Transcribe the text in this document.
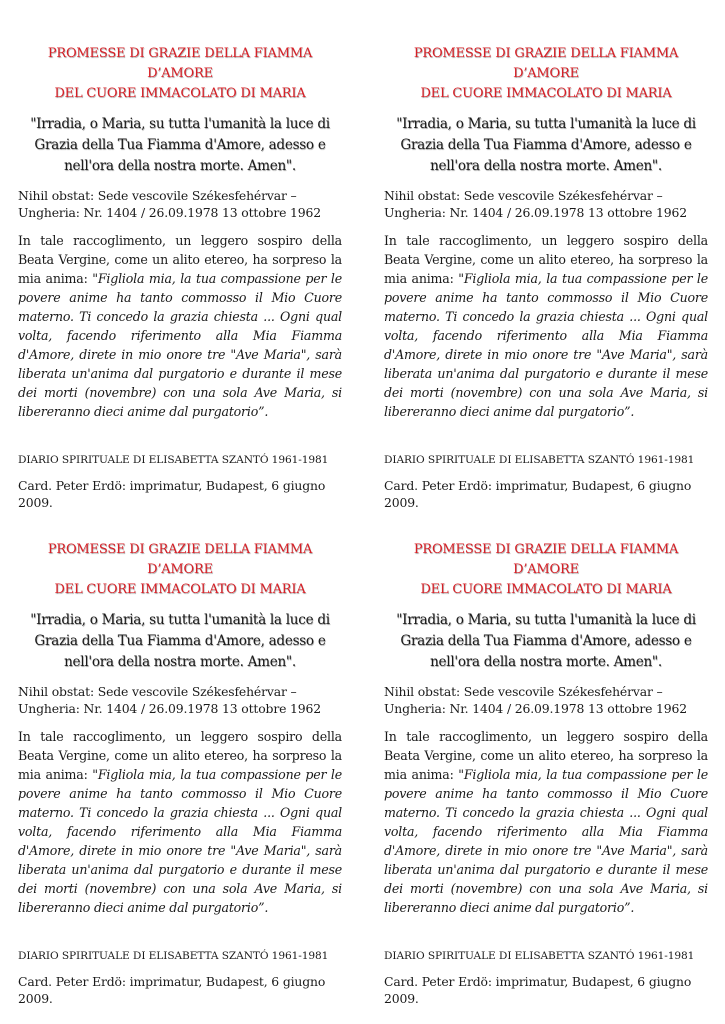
PROMESSE DI GRAZIE DELLA FIAMMA D’AMORE
DEL CUORE IMMACOLATO DI MARIA

"Irradia, o Maria, su tutta l'umanità la luce di Grazia della Tua Fiamma d'Amore, adesso e nell'ora della nostra morte. Amen".

Nihil obstat: Sede vescovile Székesfehérvar – Ungheria: Nr. 1404 / 26.09.1978 13 ottobre 1962

In tale raccoglimento, un leggero sospiro della Beata Vergine, come un alito etereo, ha sorpreso la mia anima: "Figliola mia, la tua compassione per le povere anime ha tanto commosso il Mio Cuore materno. Ti concedo la grazia chiesta ... Ogni qual volta, facendo riferimento alla Mia Fiamma d'Amore, direte in mio onore tre "Ave Maria", sarà liberata un'anima dal purgatorio e durante il mese dei morti (novembre) con una sola Ave Maria, si libereranno dieci anime dal purgatorio”.

DIARIO SPIRITUALE DI ELISABETTA SZANTÓ 1961-1981

Card. Peter Erdö: imprimatur, Budapest, 6 giugno 2009.

PROMESSE DI GRAZIE DELLA FIAMMA D’AMORE
DEL CUORE IMMACOLATO DI MARIA

"Irradia, o Maria, su tutta l'umanità la luce di Grazia della Tua Fiamma d'Amore, adesso e nell'ora della nostra morte. Amen".

Nihil obstat: Sede vescovile Székesfehérvar – Ungheria: Nr. 1404 / 26.09.1978 13 ottobre 1962

In tale raccoglimento, un leggero sospiro della Beata Vergine, come un alito etereo, ha sorpreso la mia anima: "Figliola mia, la tua compassione per le povere anime ha tanto commosso il Mio Cuore materno. Ti concedo la grazia chiesta ... Ogni qual volta, facendo riferimento alla Mia Fiamma d'Amore, direte in mio onore tre "Ave Maria", sarà liberata un'anima dal purgatorio e durante il mese dei morti (novembre) con una sola Ave Maria, si libereranno dieci anime dal purgatorio”.

DIARIO SPIRITUALE DI ELISABETTA SZANTÓ 1961-1981

Card. Peter Erdö: imprimatur, Budapest, 6 giugno 2009.

PROMESSE DI GRAZIE DELLA FIAMMA D’AMORE
DEL CUORE IMMACOLATO DI MARIA

"Irradia, o Maria, su tutta l'umanità la luce di Grazia della Tua Fiamma d'Amore, adesso e nell'ora della nostra morte. Amen".

Nihil obstat: Sede vescovile Székesfehérvar – Ungheria: Nr. 1404 / 26.09.1978 13 ottobre 1962

In tale raccoglimento, un leggero sospiro della Beata Vergine, come un alito etereo, ha sorpreso la mia anima: "Figliola mia, la tua compassione per le povere anime ha tanto commosso il Mio Cuore materno. Ti concedo la grazia chiesta ... Ogni qual volta, facendo riferimento alla Mia Fiamma d'Amore, direte in mio onore tre "Ave Maria", sarà liberata un'anima dal purgatorio e durante il mese dei morti (novembre) con una sola Ave Maria, si libereranno dieci anime dal purgatorio”.

DIARIO SPIRITUALE DI ELISABETTA SZANTÓ 1961-1981

Card. Peter Erdö: imprimatur, Budapest, 6 giugno 2009.

PROMESSE DI GRAZIE DELLA FIAMMA D’AMORE
DEL CUORE IMMACOLATO DI MARIA

"Irradia, o Maria, su tutta l'umanità la luce di Grazia della Tua Fiamma d'Amore, adesso e nell'ora della nostra morte. Amen".

Nihil obstat: Sede vescovile Székesfehérvar – Ungheria: Nr. 1404 / 26.09.1978 13 ottobre 1962

In tale raccoglimento, un leggero sospiro della Beata Vergine, come un alito etereo, ha sorpreso la mia anima: "Figliola mia, la tua compassione per le povere anime ha tanto commosso il Mio Cuore materno. Ti concedo la grazia chiesta ... Ogni qual volta, facendo riferimento alla Mia Fiamma d'Amore, direte in mio onore tre "Ave Maria", sarà liberata un'anima dal purgatorio e durante il mese dei morti (novembre) con una sola Ave Maria, si libereranno dieci anime dal purgatorio”.

DIARIO SPIRITUALE DI ELISABETTA SZANTÓ 1961-1981

Card. Peter Erdö: imprimatur, Budapest, 6 giugno 2009.
